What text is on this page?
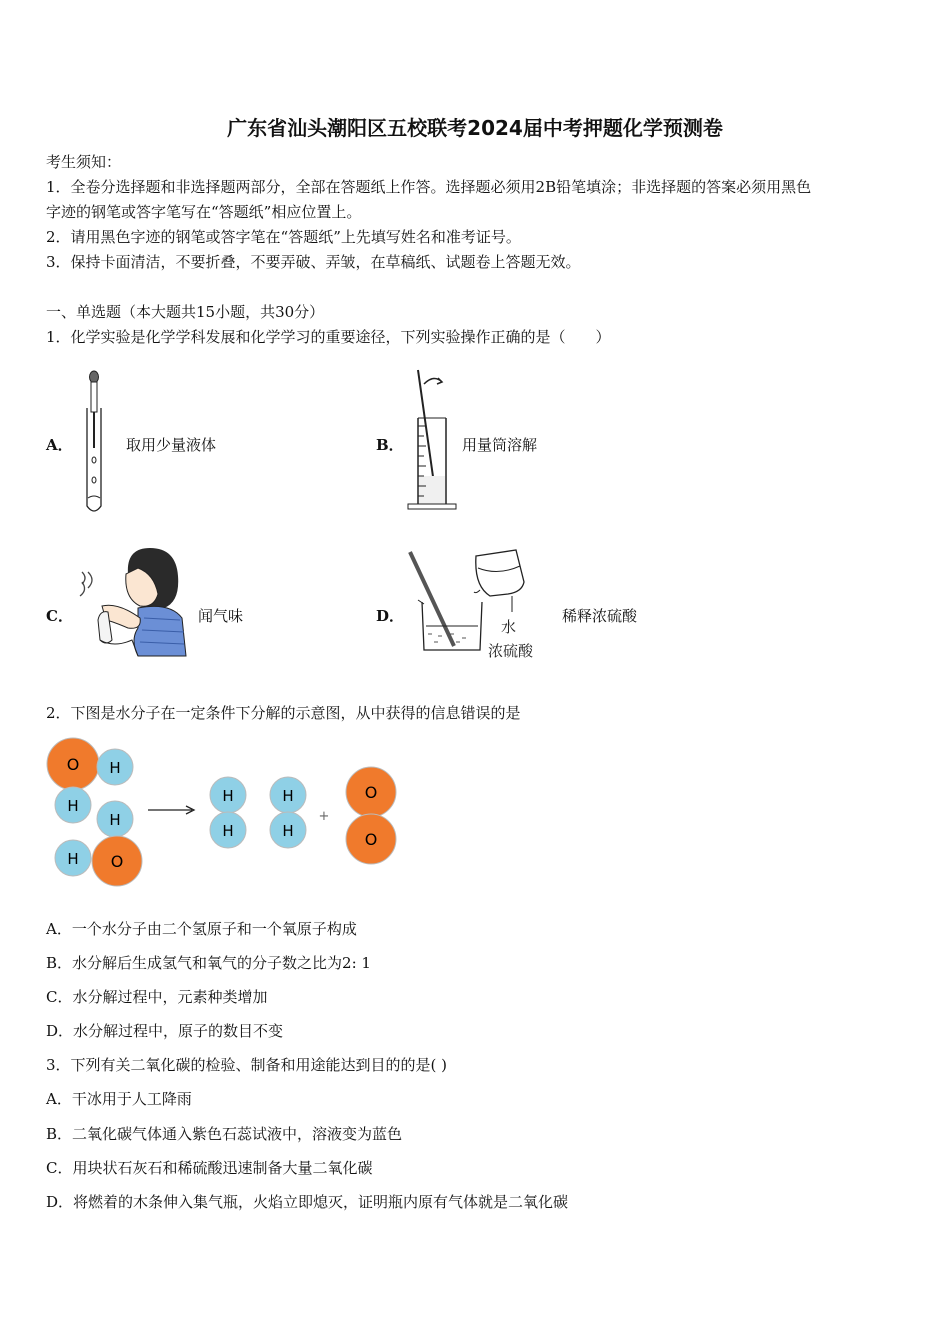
广东省汕头潮阳区五校联考2024届中考押题化学预测卷
考生须知：
1．全卷分选择题和非选择题两部分，全部在答题纸上作答。选择题必须用2B铅笔填涂；非选择题的答案必须用黑色
字迹的钢笔或答字笔写在“答题纸”相应位置上。
2．请用黑色字迹的钢笔或答字笔在“答题纸”上先填写姓名和准考证号。
3．保持卡面清洁，不要折叠，不要弄破、弄皱，在草稿纸、试题卷上答题无效。
一、单选题（本大题共15小题，共30分）
1．化学实验是化学学科发展和化学学习的重要途径，下列实验操作正确的是（　　）
A．	取用少量液体	B．	用量筒溶解
C．	闻气味	D．	稀释浓硫酸
水
浓硫酸
2．下图是水分子在一定条件下分解的示意图，从中获得的信息错误的是
O H
H
H
H O
H
H
H
H
+
O
O
A．一个水分子由二个氢原子和一个氧原子构成
B．水分解后生成氢气和氧气的分子数之比为2: 1
C．水分解过程中，元素种类增加
D．水分解过程中，原子的数目不变
3．下列有关二氧化碳的检验、制备和用途能达到目的的是( )
A．干冰用于人工降雨
B．二氧化碳气体通入紫色石蕊试液中，溶液变为蓝色
C．用块状石灰石和稀硫酸迅速制备大量二氧化碳
D．将燃着的木条伸入集气瓶，火焰立即熄灭，证明瓶内原有气体就是二氧化碳
